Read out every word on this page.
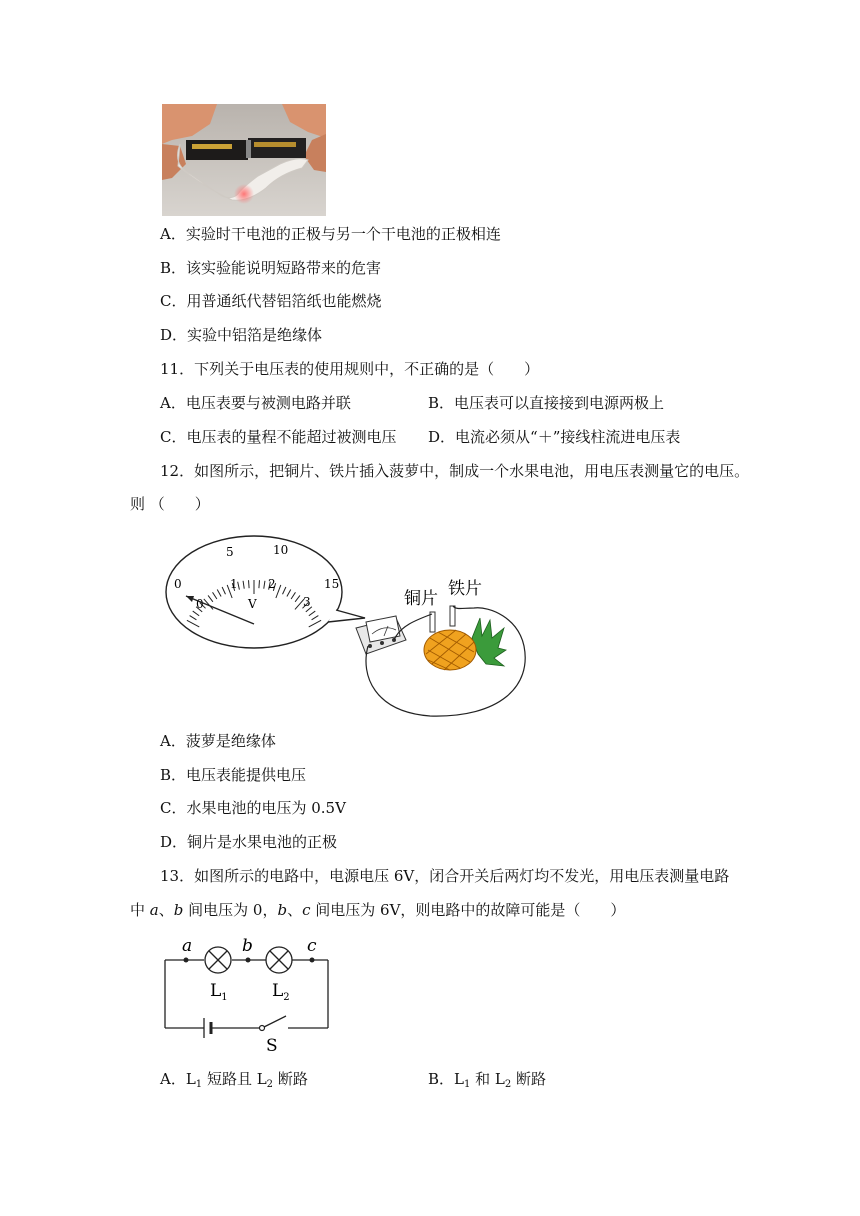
A．实验时干电池的正极与另一个干电池的正极相连
B．该实验能说明短路带来的危害
C．用普通纸代替铝箔纸也能燃烧
D．实验中铝箔是绝缘体
11．下列关于电压表的使用规则中，不正确的是（　　）
A．电压表要与被测电路并联	B．电压表可以直接接到电源两极上
C．电压表的量程不能超过被测电压 D．电流必须从“＋”接线柱流进电压表
12．如图所示，把铜片、铁片插入菠萝中，制成一个水果电池，用电压表测量它的电压。
则 （　　）
0
5	10
15
0
1	2
3
V	铜片 铁片
A．菠萝是绝缘体
B．电压表能提供电压
C．水果电池的电压为 0.5V
D．铜片是水果电池的正极
13．如图所示的电路中，电源电压 6V，闭合开关后两灯均不发光，用电压表测量电路
中 a、b 间电压为 0，b、c 间电压为 6V，则电路中的故障可能是（　　）
a	b	c
$L_1$	$L_2$
S
A．$L_1$ 短路且 $L_2$ 断路	B．$L_1$ 和 $L_2$ 断路
